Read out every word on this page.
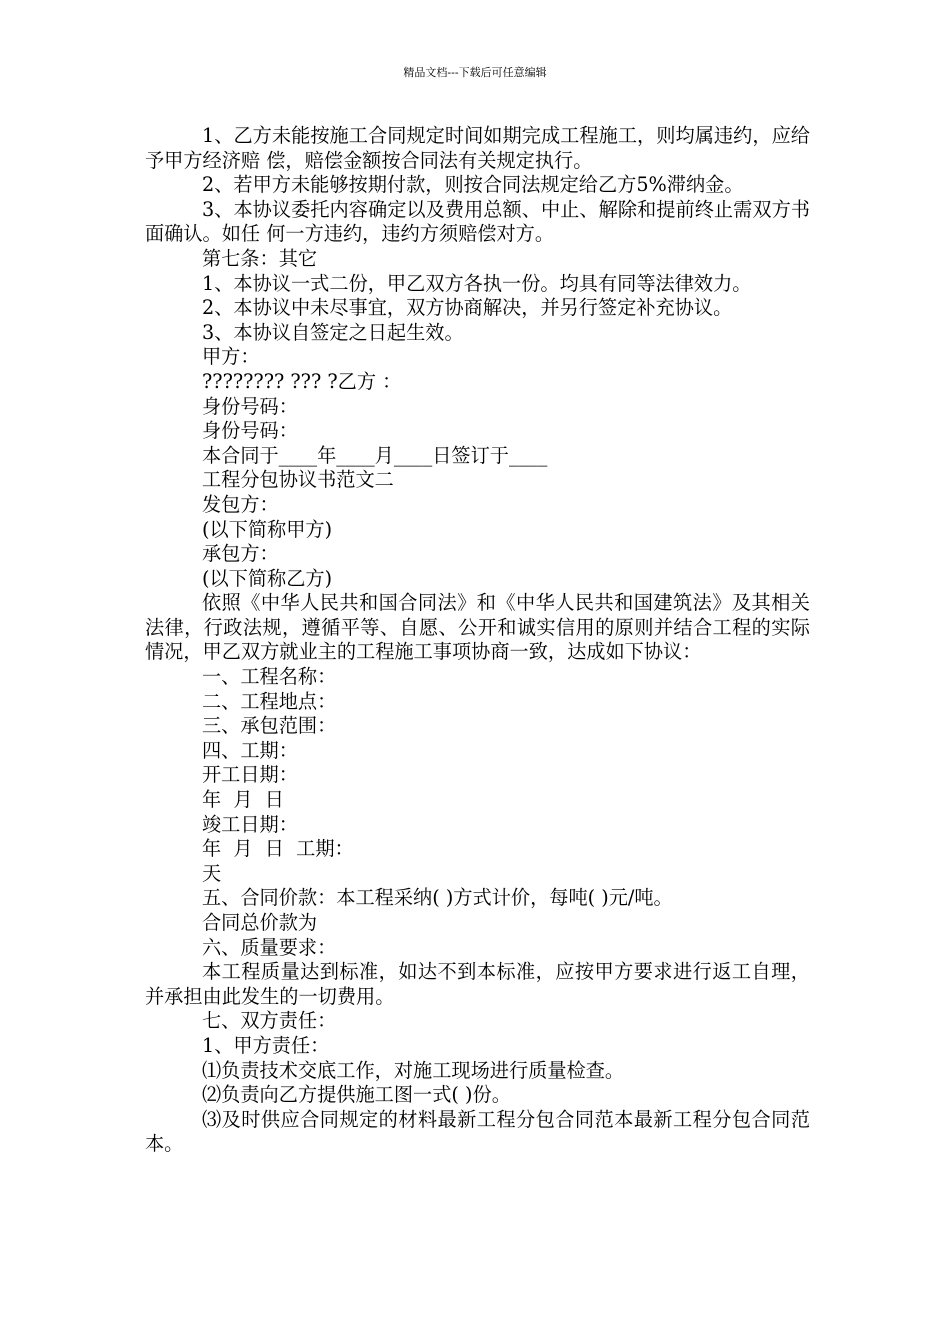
精品文档---下载后可任意编辑

1、乙方未能按施工合同规定时间如期完成工程施工，则均属违约，应给予甲方经济赔 偿，赔偿金额按合同法有关规定执行。

2、若甲方未能够按期付款，则按合同法规定给乙方5%滞纳金。

3、本协议委托内容确定以及费用总额、中止、解除和提前终止需双方书面确认。如任 何一方违约，违约方须赔偿对方。

第七条：其它

1、本协议一式二份，甲乙双方各执一份。均具有同等法律效力。

2、本协议中未尽事宜，双方协商解决，并另行签定补充协议。

3、本协议自签定之日起生效。

甲方：

???????? ??? ?乙方 ：

身份号码：

身份号码：

本合同于____年____月____日签订于____

工程分包协议书范文二

发包方：

(以下简称甲方)

承包方：

(以下简称乙方)

依照《中华人民共和国合同法》和《中华人民共和国建筑法》及其相关法律，行政法规，遵循平等、自愿、公开和诚实信用的原则并结合工程的实际情况，甲乙双方就业主的工程施工事项协商一致，达成如下协议：

一、工程名称：

二、工程地点：

三、承包范围：

四、工期：

开工日期：

年  月  日

竣工日期：

年  月  日  工期：

天

五、合同价款：本工程采纳( )方式计价，每吨( )元/吨。

合同总价款为

六、质量要求：

本工程质量达到标准，如达不到本标准，应按甲方要求进行返工自理，并承担由此发生的一切费用。

七、双方责任：

1、甲方责任：

⑴负责技术交底工作，对施工现场进行质量检查。

⑵负责向乙方提供施工图一式( )份。

⑶及时供应合同规定的材料最新工程分包合同范本最新工程分包合同范本。
